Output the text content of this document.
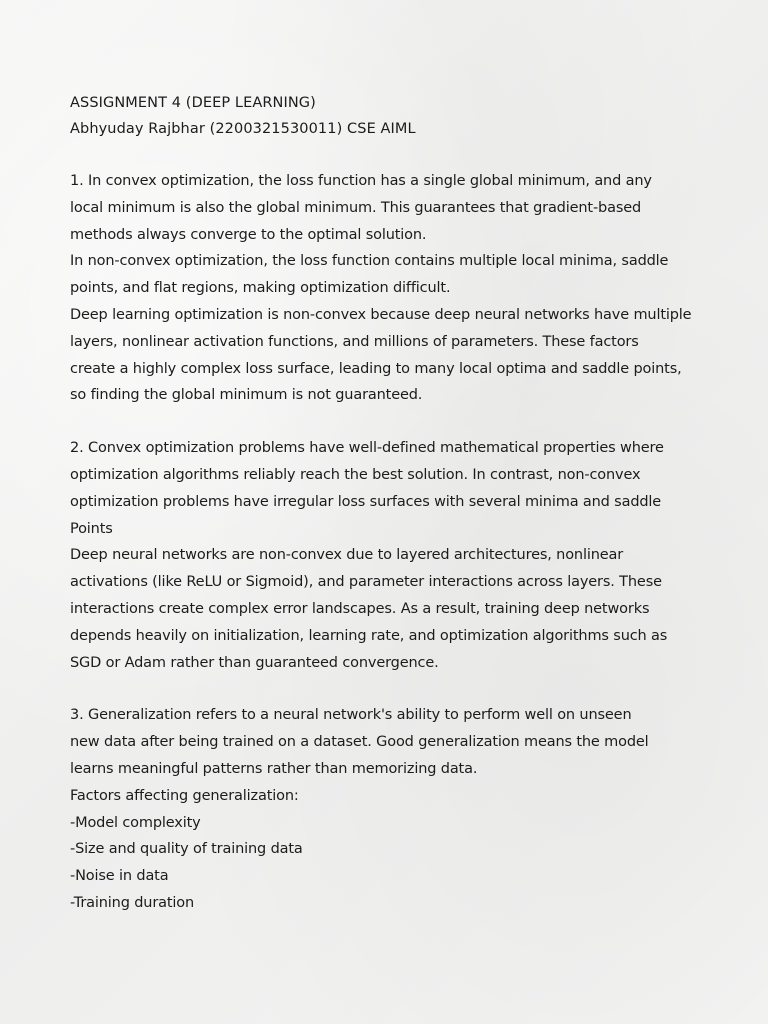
ASSIGNMENT 4 (DEEP LEARNING)
Abhyuday Rajbhar (2200321530011) CSE AIML
1. In convex optimization, the loss function has a single global minimum, and any
local minimum is also the global minimum. This guarantees that gradient-based
methods always converge to the optimal solution.
In non-convex optimization, the loss function contains multiple local minima, saddle
points, and flat regions, making optimization difficult.
Deep learning optimization is non-convex because deep neural networks have multiple
layers, nonlinear activation functions, and millions of parameters. These factors
create a highly complex loss surface, leading to many local optima and saddle points,
so finding the global minimum is not guaranteed.
2. Convex optimization problems have well-defined mathematical properties where
optimization algorithms reliably reach the best solution. In contrast, non-convex
optimization problems have irregular loss surfaces with several minima and saddle
Points
Deep neural networks are non-convex due to layered architectures, nonlinear
activations (like ReLU or Sigmoid), and parameter interactions across layers. These
interactions create complex error landscapes. As a result, training deep networks
depends heavily on initialization, learning rate, and optimization algorithms such as
SGD or Adam rather than guaranteed convergence.
3. Generalization refers to a neural network's ability to perform well on unseen
new data after being trained on a dataset. Good generalization means the model
learns meaningful patterns rather than memorizing data.
Factors affecting generalization:
-Model complexity
-Size and quality of training data
-Noise in data
-Training duration
